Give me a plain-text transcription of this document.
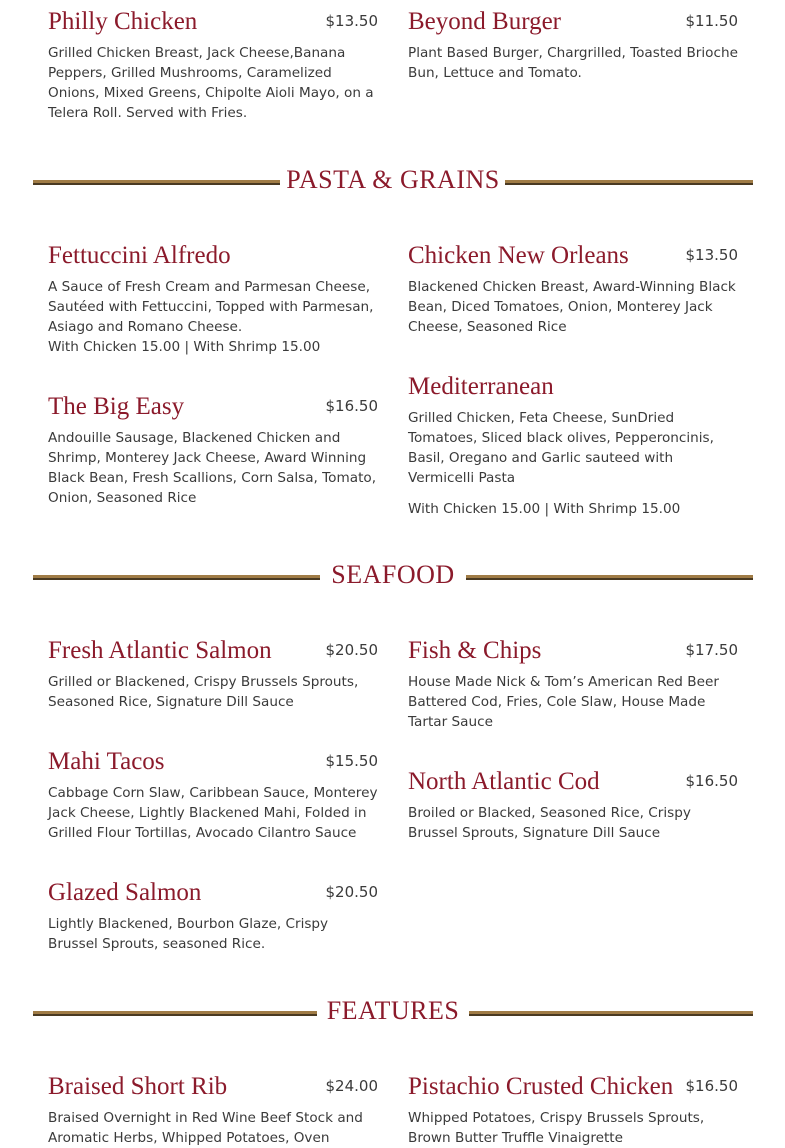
Philly Chicken	$13.50
Grilled Chicken Breast, Jack Cheese,Banana Peppers, Grilled Mushrooms, Caramelized Onions, Mixed Greens, Chipolte Aioli Mayo, on a Telera Roll. Served with Fries.
Beyond Burger	$11.50
Plant Based Burger, Chargrilled, Toasted Brioche Bun, Lettuce and Tomato.
PASTA & GRAINS
Fettuccini Alfredo
A Sauce of Fresh Cream and Parmesan Cheese, Sautéed with Fettuccini, Topped with Parmesan, Asiago and Romano Cheese.
With Chicken 15.00 | With Shrimp 15.00
Chicken New Orleans	$13.50
Blackened Chicken Breast, Award-Winning Black Bean, Diced Tomatoes, Onion, Monterey Jack Cheese, Seasoned Rice
The Big Easy	$16.50
Andouille Sausage, Blackened Chicken and Shrimp, Monterey Jack Cheese, Award Winning Black Bean, Fresh Scallions, Corn Salsa, Tomato, Onion, Seasoned Rice
Mediterranean
Grilled Chicken, Feta Cheese, SunDried Tomatoes, Sliced black olives, Pepperoncinis, Basil, Oregano and Garlic sauteed with Vermicelli Pasta
With Chicken 15.00 | With Shrimp 15.00
SEAFOOD
Fresh Atlantic Salmon	$20.50
Grilled or Blackened, Crispy Brussels Sprouts, Seasoned Rice, Signature Dill Sauce
Fish & Chips	$17.50
House Made Nick & Tom’s American Red Beer Battered Cod, Fries, Cole Slaw, House Made Tartar Sauce
Mahi Tacos	$15.50
Cabbage Corn Slaw, Caribbean Sauce, Monterey Jack Cheese, Lightly Blackened Mahi, Folded in Grilled Flour Tortillas, Avocado Cilantro Sauce
North Atlantic Cod	$16.50
Broiled or Blacked, Seasoned Rice, Crispy Brussel Sprouts, Signature Dill Sauce
Glazed Salmon	$20.50
Lightly Blackened, Bourbon Glaze, Crispy Brussel Sprouts, seasoned Rice.
FEATURES
Braised Short Rib	$24.00
Braised Overnight in Red Wine Beef Stock and Aromatic Herbs, Whipped Potatoes, Oven
Pistachio Crusted Chicken $16.50
Whipped Potatoes, Crispy Brussels Sprouts, Brown Butter Truffle Vinaigrette
